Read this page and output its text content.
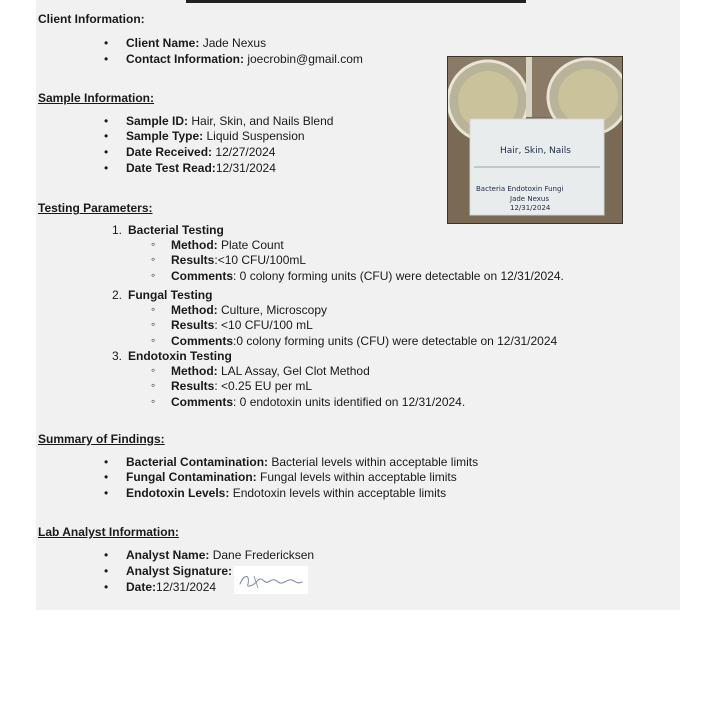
Client Information:
• Client Name: Jade Nexus
• Contact Information: joecrobin@gmail.com
Sample Information:
• Sample ID: Hair, Skin, and Nails Blend
• Sample Type: Liquid Suspension
• Date Received: 12/27/2024
• Date Test Read:12/31/2024
Hair, Skin, Nails
Bacteria Endotoxin Fungi
Jade Nexus
12/31/2024
Testing Parameters:
1. Bacterial Testing
◦ Method: Plate Count
◦ Results:<10 CFU/100mL
◦ Comments: 0 colony forming units (CFU) were detectable on 12/31/2024.
2. Fungal Testing
◦ Method: Culture, Microscopy
◦ Results: <10 CFU/100 mL
◦ Comments:0 colony forming units (CFU) were detectable on 12/31/2024
3. Endotoxin Testing
◦ Method: LAL Assay, Gel Clot Method
◦ Results: <0.25 EU per mL
◦ Comments: 0 endotoxin units identified on 12/31/2024.
Summary of Findings:
• Bacterial Contamination: Bacterial levels within acceptable limits
• Fungal Contamination: Fungal levels within acceptable limits
• Endotoxin Levels: Endotoxin levels within acceptable limits
Lab Analyst Information:
• Analyst Name: Dane Fredericksen
• Analyst Signature:
• Date:12/31/2024
